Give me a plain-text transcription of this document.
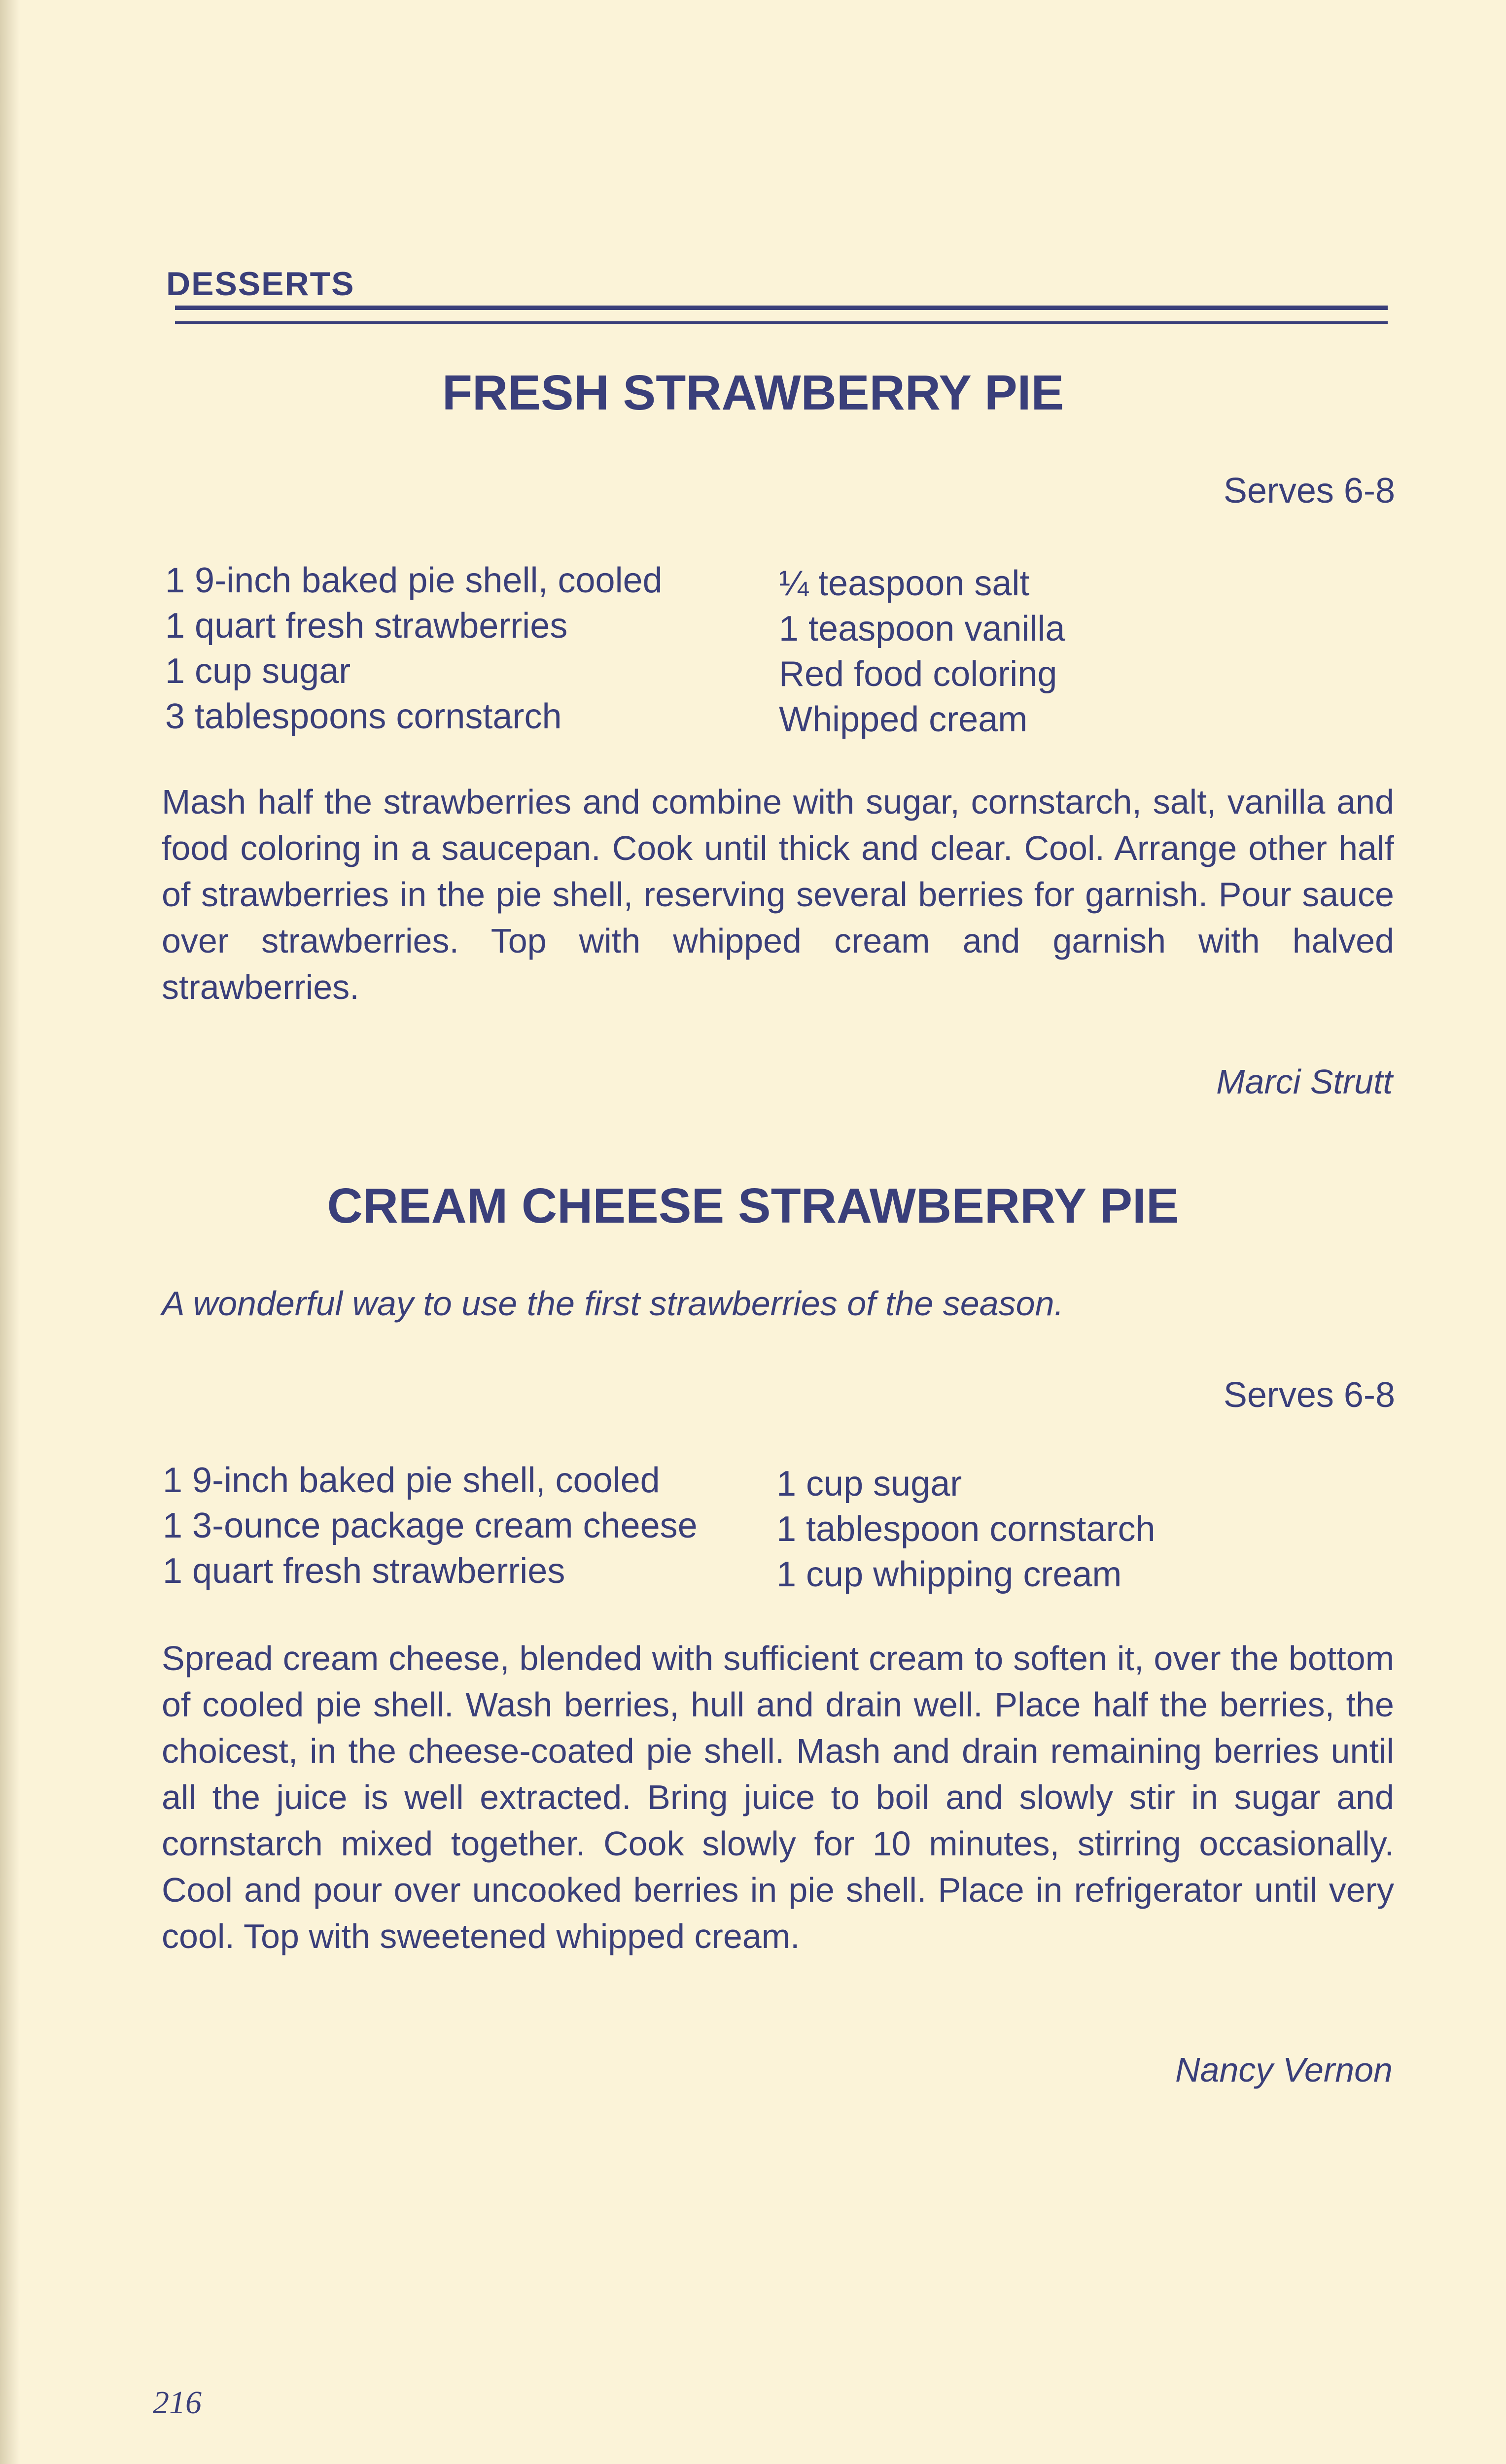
DESSERTS
FRESH STRAWBERRY PIE
Serves 6-8
1 9-inch baked pie shell, cooled
1 quart fresh strawberries
1 cup sugar
3 tablespoons cornstarch
¼ teaspoon salt
1 teaspoon vanilla
Red food coloring
Whipped cream
Mash half the strawberries and combine with sugar, cornstarch, salt, vanilla and food coloring in a saucepan. Cook until thick and clear. Cool. Arrange other half of strawberries in the pie shell, reserving several berries for garnish. Pour sauce over strawberries. Top with whipped cream and garnish with halved strawberries.
Marci Strutt
CREAM CHEESE STRAWBERRY PIE
A wonderful way to use the first strawberries of the season.
Serves 6-8
1 9-inch baked pie shell, cooled
1 3-ounce package cream cheese
1 quart fresh strawberries
1 cup sugar
1 tablespoon cornstarch
1 cup whipping cream
Spread cream cheese, blended with sufficient cream to soften it, over the bottom of cooled pie shell. Wash berries, hull and drain well. Place half the berries, the choicest, in the cheese-coated pie shell. Mash and drain remaining berries until all the juice is well extracted. Bring juice to boil and slowly stir in sugar and cornstarch mixed together. Cook slowly for 10 minutes, stirring occasionally. Cool and pour over uncooked berries in pie shell. Place in refrigerator until very cool. Top with sweetened whipped cream.
Nancy Vernon
216
